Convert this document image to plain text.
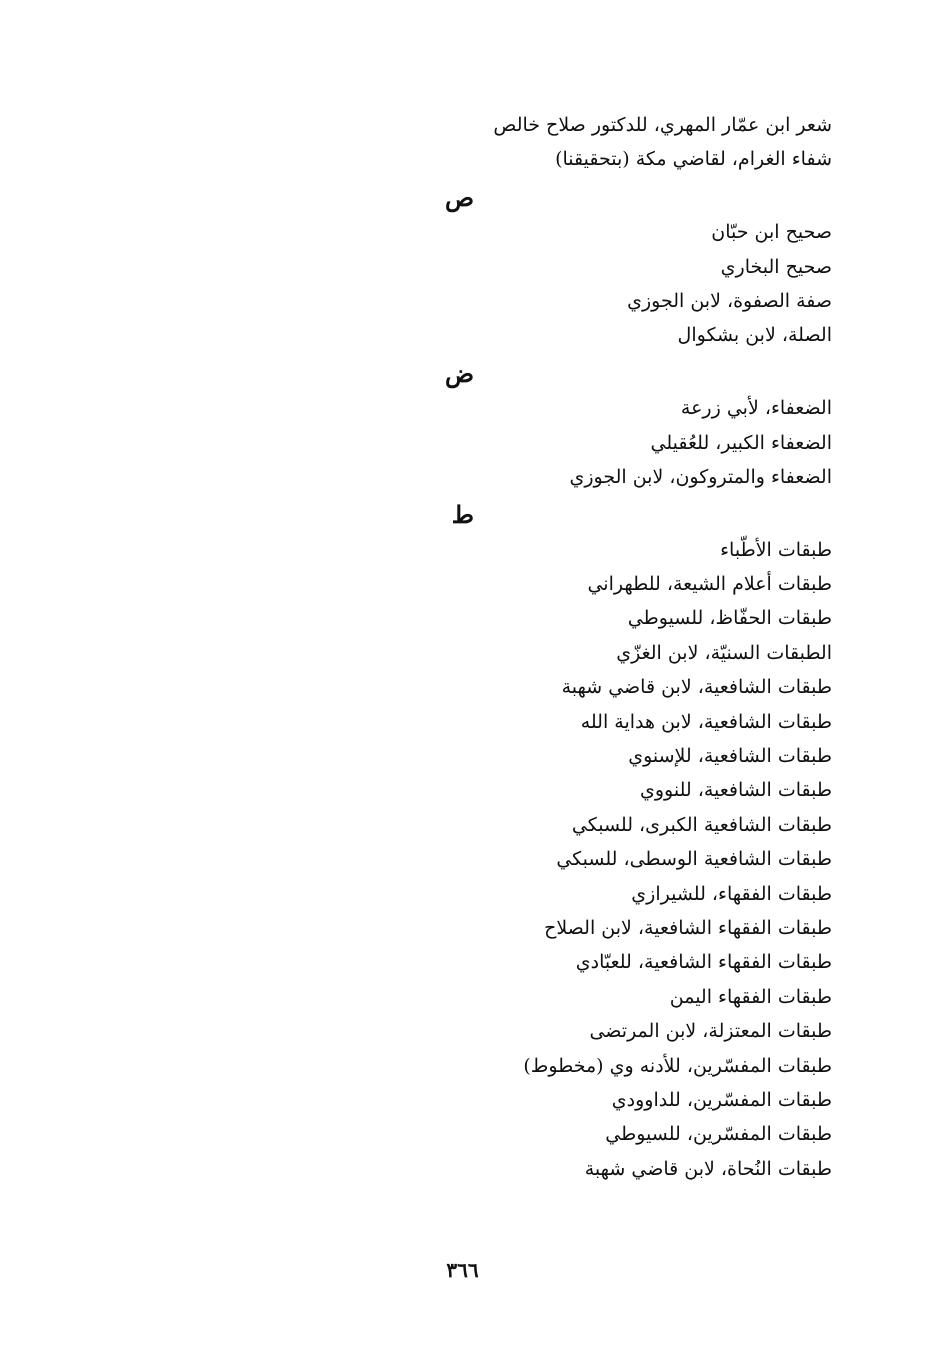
شعر ابن عمّار المهري، للدكتور صلاح خالص
شفاء الغرام، لقاضي مكة (بتحقيقنا)
ص
صحيح ابن حبّان
صحيح البخاري
صفة الصفوة، لابن الجوزي
الصلة، لابن بشكوال
ض
الضعفاء، لأبي زرعة
الضعفاء الكبير، للعُقيلي
الضعفاء والمتروكون، لابن الجوزي
ط
طبقات الأطّباء
طبقات أعلام الشيعة، للطهراني
طبقات الحفّاظ، للسيوطي
الطبقات السنيّة، لابن الغزّي
طبقات الشافعية، لابن قاضي شهبة
طبقات الشافعية، لابن هداية الله
طبقات الشافعية، للإسنوي
طبقات الشافعية، للنووي
طبقات الشافعية الكبرى، للسبكي
طبقات الشافعية الوسطى، للسبكي
طبقات الفقهاء، للشيرازي
طبقات الفقهاء الشافعية، لابن الصلاح
طبقات الفقهاء الشافعية، للعبّادي
طبقات الفقهاء اليمن
طبقات المعتزلة، لابن المرتضى
طبقات المفسّرين، للأدنه وي (مخطوط)
طبقات المفسّرين، للداوودي
طبقات المفسّرين، للسيوطي
طبقات النُحاة، لابن قاضي شهبة
٣٦٦
